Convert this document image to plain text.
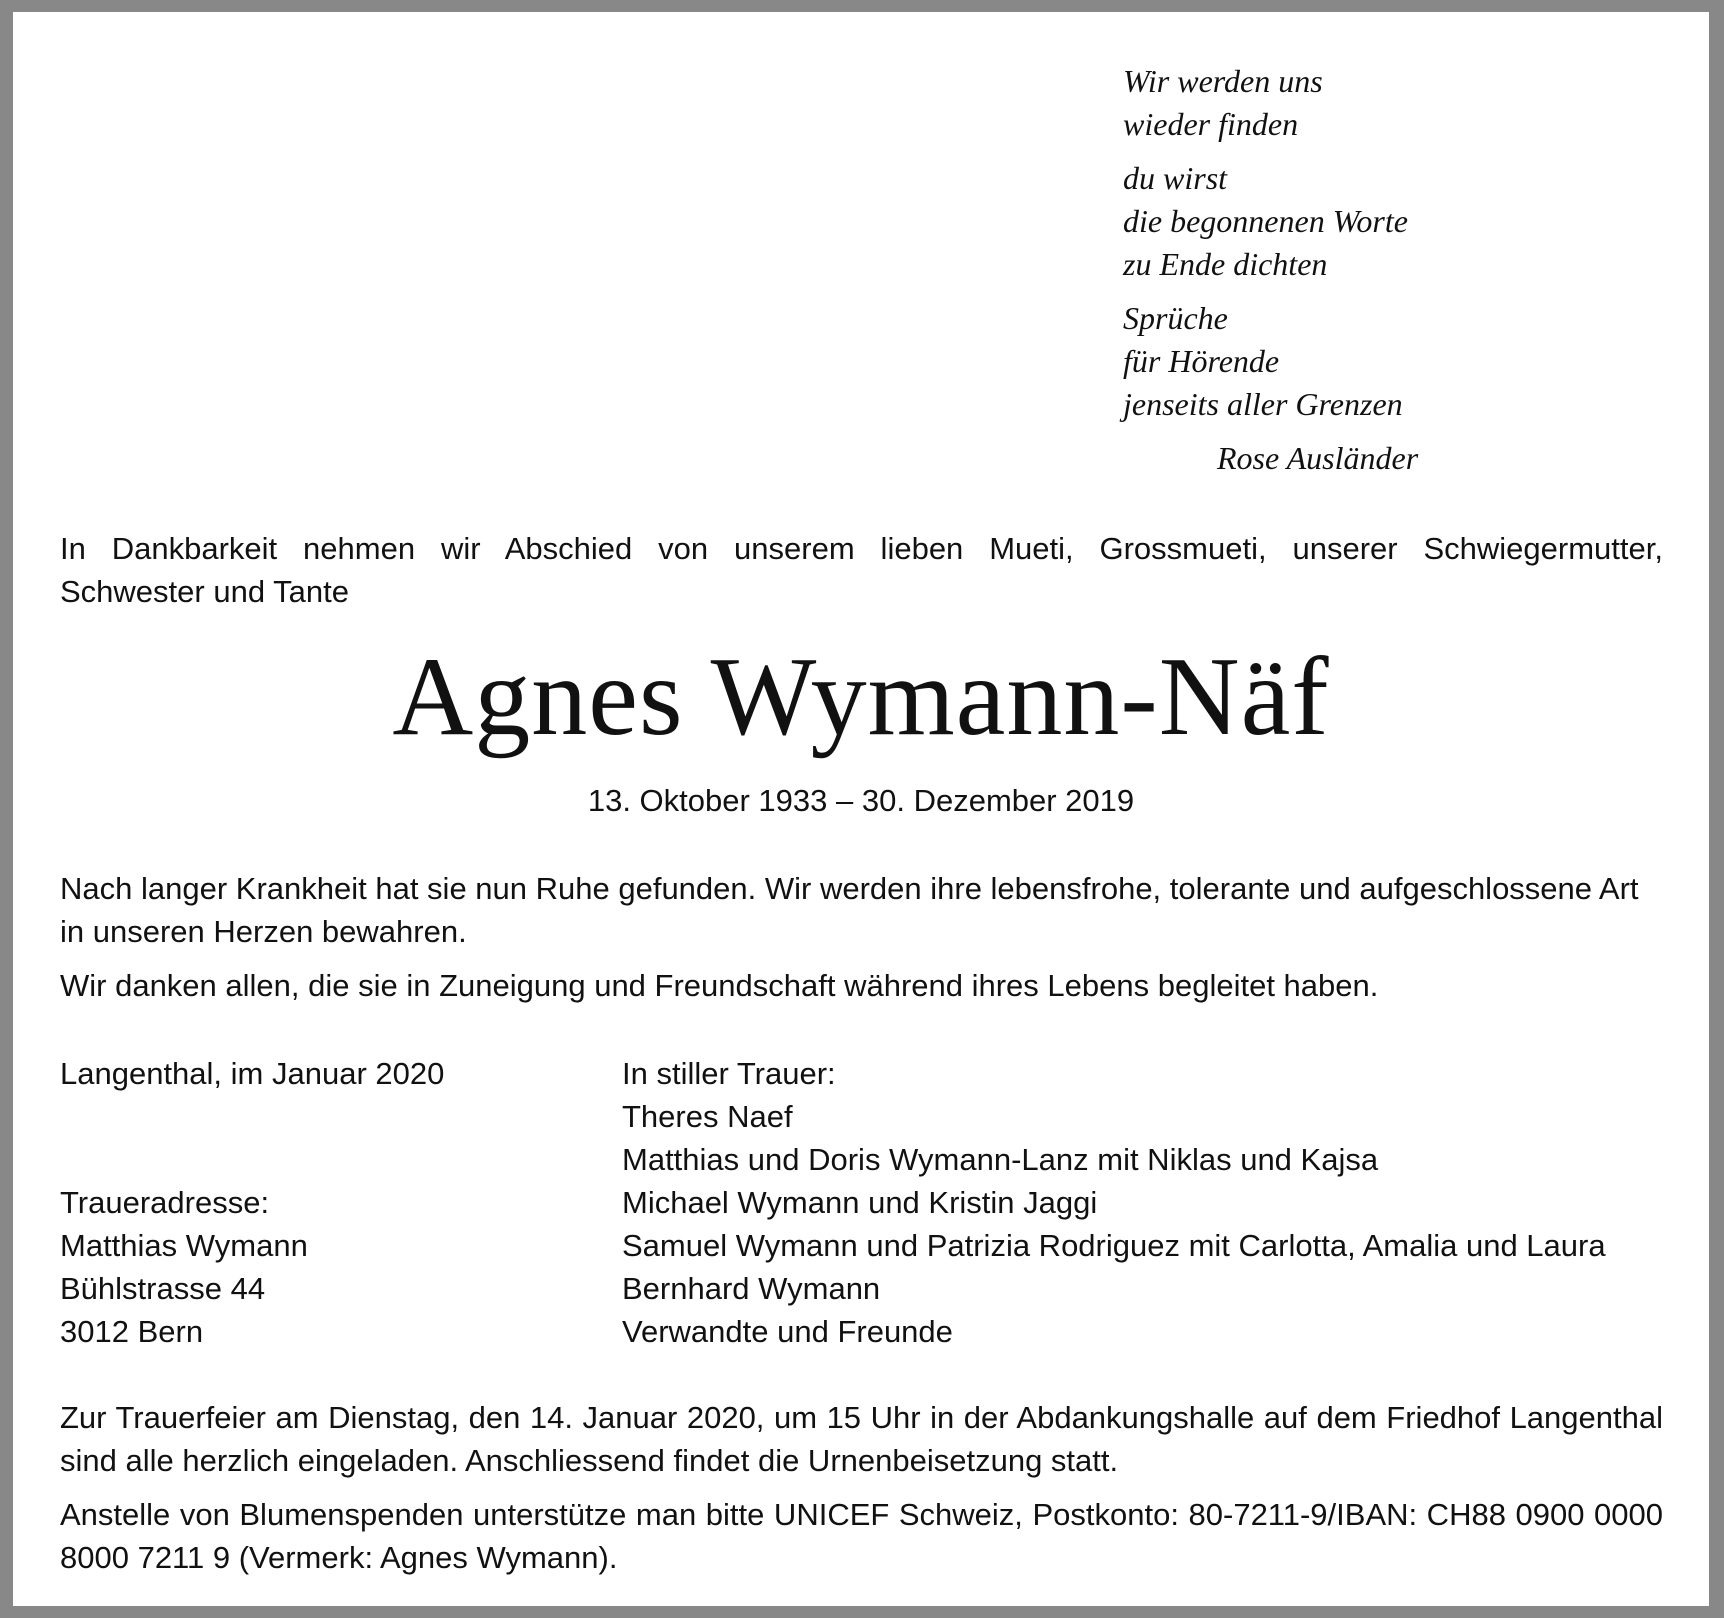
Wir werden uns
wieder finden
du wirst
die begonnenen Worte
zu Ende dichten
Sprüche
für Hörende
jenseits aller Grenzen
Rose Ausländer
In Dankbarkeit nehmen wir Abschied von unserem lieben Mueti, Grossmueti, unserer Schwiegermutter,
Schwester und Tante
Agnes Wymann-Näf
13. Oktober 1933 – 30. Dezember 2019

Nach langer Krankheit hat sie nun Ruhe gefunden. Wir werden ihre lebensfrohe, tolerante und aufgeschlossene Art in unseren Herzen bewahren.

Wir danken allen, die sie in Zuneigung und Freundschaft während ihres Lebens begleitet haben.

Langenthal, im Januar 2020
Traueradresse:
Matthias Wymann
Bühlstrasse 44
3012 Bern
In stiller Trauer:
Theres Naef
Matthias und Doris Wymann-Lanz mit Niklas und Kajsa
Michael Wymann und Kristin Jaggi
Samuel Wymann und Patrizia Rodriguez mit Carlotta, Amalia und Laura
Bernhard Wymann
Verwandte und Freunde

Zur Trauerfeier am Dienstag, den 14. Januar 2020, um 15 Uhr in der Abdankungshalle auf dem Friedhof Langenthal sind alle herzlich eingeladen. Anschliessend findet die Urnenbeisetzung statt.

Anstelle von Blumenspenden unterstütze man bitte UNICEF Schweiz, Postkonto: 80-7211-9/IBAN: CH88 0900 0000 8000 7211 9 (Vermerk: Agnes Wymann).
